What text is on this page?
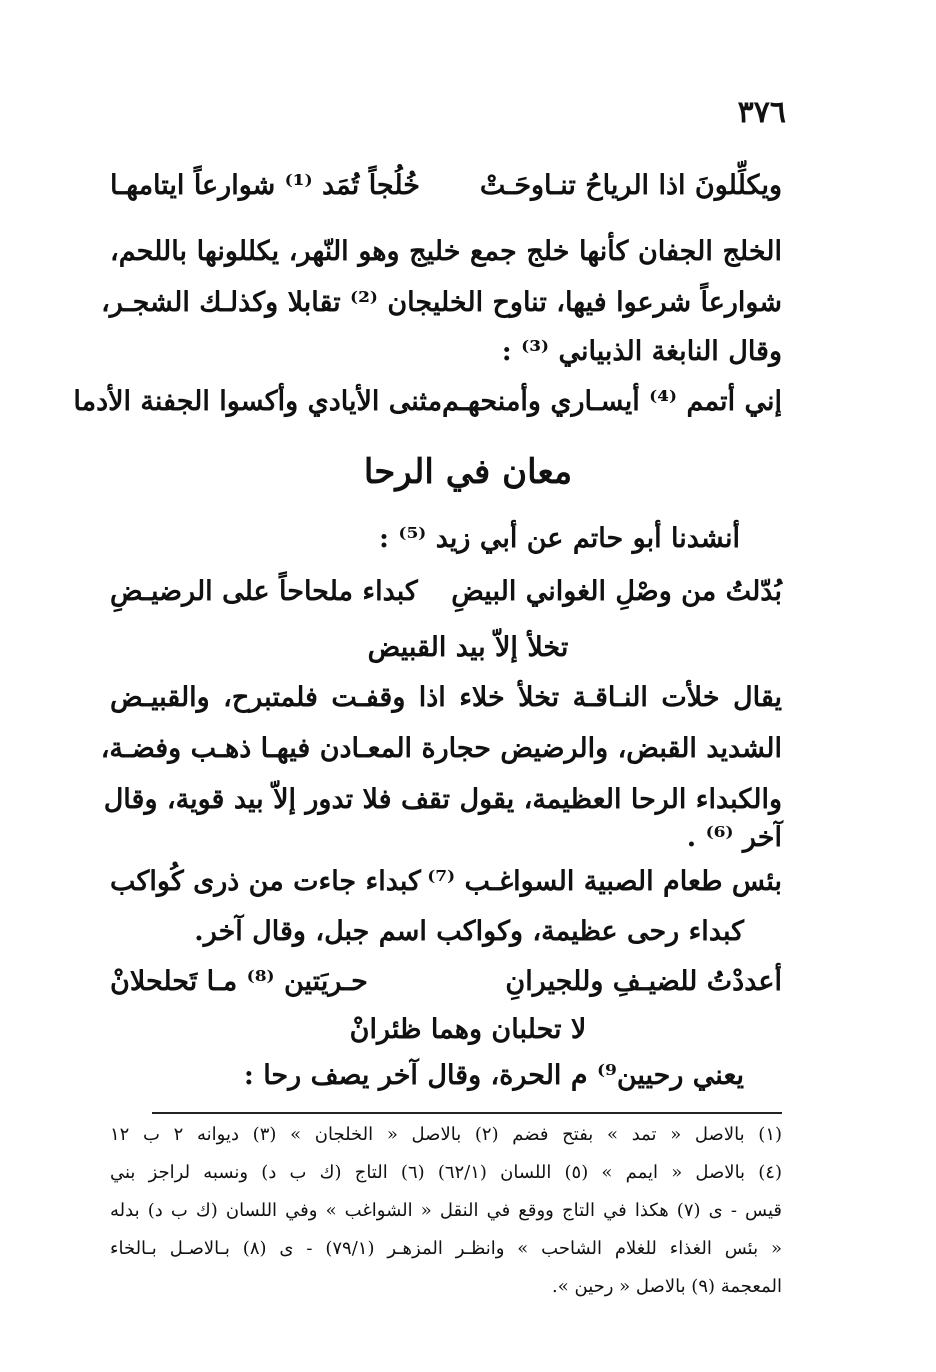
٣٧٦
ويكلِّلونَ اذا الرياحُ تنـاوحَـتْ
خُلُجاً تُمَد ⁽¹⁾ شوارعاً ايتامهـا
الخلج الجفان كأنها خلج جمع خليج وهو النّهر، يكللونها باللحم،
شوارعاً شرعوا فيها، تناوح الخليجان ⁽²⁾ تقابلا وكذلـك الشجـر،
وقال النابغة الذبياني ⁽³⁾ :
إني أتمم ⁽⁴⁾ أيسـاري وأمنحهـم
مثنى الأيادي وأكسوا الجفنة الأدما
معان في الرحا
أنشدنا أبو حاتم عن أبي زيد ⁽⁵⁾ :
بُدّلتُ من وصْلِ الغواني البيضِ
كبداء ملحاحاً على الرضيـضِ
تخلأ إلاّ بيد القبيض
يقال خلأت النـاقـة تخلأ خلاء اذا وقفـت فلمتبرح، والقبيـض
الشديد القبض، والرضيض حجارة المعـادن فيهـا ذهـب وفضـة،
والكبداء الرحا العظيمة، يقول تقف فلا تدور إلاّ بيد قوية، وقال
آخر ⁽⁶⁾ .
بئس طعام الصبية السواغـب ⁽⁷⁾
كبداء جاءت من ذرى كُواكب
كبداء رحى عظيمة، وكواكب اسم جبل، وقال آخر.
أعددْتُ للضيـفِ وللجيرانِ
حـريَتين ⁽⁸⁾ مـا تَحلحلانْ
لا تحلبان وهما ظئرانْ
يعني رحيين⁹⁾ م الحرة، وقال آخر يصف رحا :
(١) بالاصل « تمد » بفتح فضم (٢) بالاصل « الخلجان » (٣) ديوانه ٢ ب ١٢
(٤) بالاصل « ايمم » (٥) اللسان (٦٢/١) (٦) التاج (ك ب د) ونسبه لراجز بني
قيس - ى (٧) هكذا في التاج ووقع في النقل « الشواغب » وفي اللسان (ك ب د) بدله
« بئس الغذاء للغلام الشاحب » وانظـر المزهـر (٧٩/١) - ى (٨) بـالاصـل بـالخاء
المعجمة (٩) بالاصل « رحين ».
